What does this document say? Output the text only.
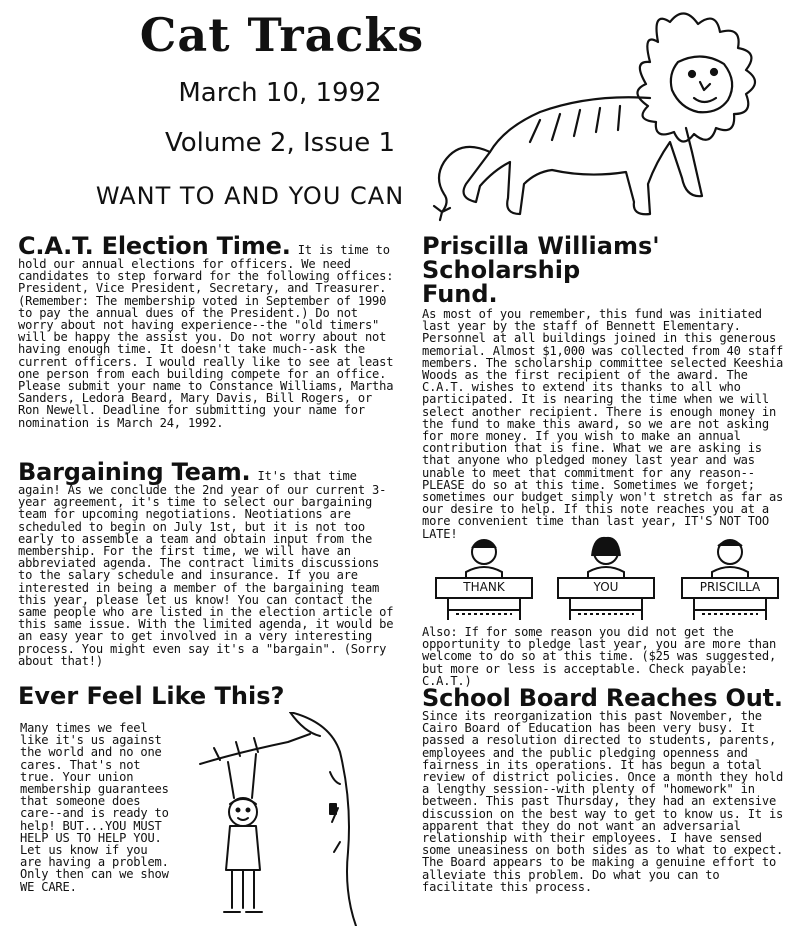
Cat Tracks
March 10, 1992
Volume 2, Issue 1
WANT TO AND YOU CAN
C.A.T. Election Time. It is time to hold our annual elections for officers. We need candidates to step forward for the following offices: President, Vice President, Secretary, and Treasurer. (Remember: The membership voted in September of 1990 to pay the annual dues of the President.) Do not worry about not having experience--the "old timers" will be happy the assist you. Do not worry about not having enough time. It doesn't take much--ask the current officers. I would really like to see at least one person from each building compete for an office. Please submit your name to Constance Williams, Martha Sanders, Ledora Beard, Mary Davis, Bill Rogers, or Ron Newell. Deadline for submitting your name for nomination is March 24, 1992.
Bargaining Team. It's that time again! As we conclude the 2nd year of our current 3-year agreement, it's time to select our bargaining team for upcoming negotiations. Neotiations are scheduled to begin on July 1st, but it is not too early to assemble a team and obtain input from the membership. For the first time, we will have an abbreviated agenda. The contract limits discussions to the salary schedule and insurance. If you are interested in being a member of the bargaining team this year, please let us know! You can contact the same people who are listed in the election article of this same issue. With the limited agenda, it would be an easy year to get involved in a very interesting process. You might even say it's a "bargain". (Sorry about that!)
Ever Feel Like This?
Many times we feel like it's us against the world and no one cares. That's not true. Your union membership guarantees that someone does care--and is ready to help! BUT...YOU MUST HELP US TO HELP YOU. Let us know if you are having a problem. Only then can we show WE CARE.
Priscilla Williams' Scholarship Fund.
As most of you remember, this fund was initiated last year by the staff of Bennett Elementary. Personnel at all buildings joined in this generous memorial. Almost $1,000 was collected from 40 staff members. The scholarship committee selected Keeshia Woods as the first recipient of the award. The C.A.T. wishes to extend its thanks to all who participated. It is nearing the time when we will select another recipient. There is enough money in the fund to make this award, so we are not asking for more money. If you wish to make an annual contribution that is fine. What we are asking is that anyone who pledged money last year and was unable to meet that commitment for any reason--PLEASE do so at this time. Sometimes we forget; sometimes our budget simply won't stretch as far as our desire to help. If this note reaches you at a more convenient time than last year, IT'S NOT TOO LATE!
THANK	YOU	PRISCILLA
Also: If for some reason you did not get the opportunity to pledge last year, you are more than welcome to do so at this time. ($25 was suggested, but more or less is acceptable. Check payable: C.A.T.)
School Board Reaches Out. Since its reorganization this past November, the Cairo Board of Education has been very busy. It passed a resolution directed to students, parents, employees and the public pledging openness and fairness in its operations. It has begun a total review of district policies. Once a month they hold a lengthy session--with plenty of "homework" in between. This past Thursday, they had an extensive discussion on the best way to get to know us. It is apparent that they do not want an adversarial relationship with their employees. I have sensed some uneasiness on both sides as to what to expect. The Board appears to be making a genuine effort to alleviate this problem. Do what you can to facilitate this process.
